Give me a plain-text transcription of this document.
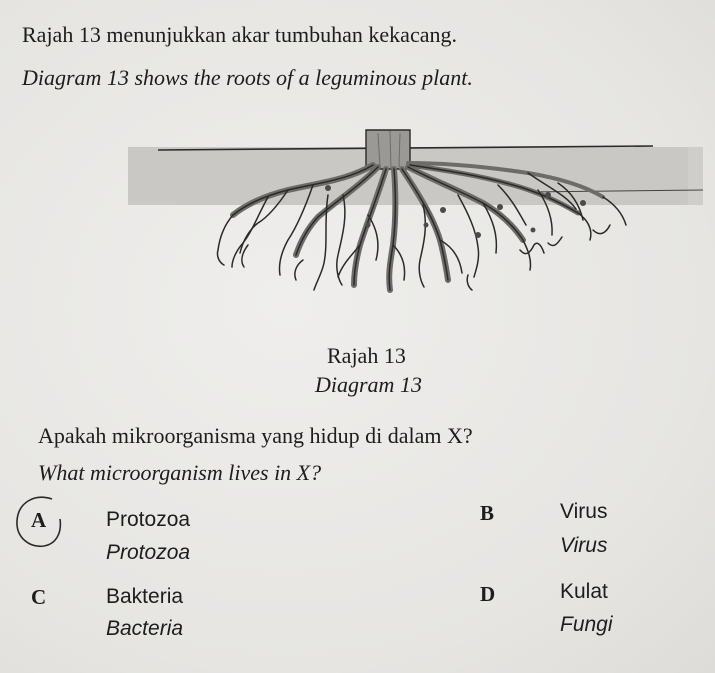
Rajah 13 menunjukkan akar tumbuhan kekacang.
Diagram 13 shows the roots of a leguminous plant.
Rajah 13
Diagram 13
Apakah mikroorganisma yang hidup di dalam X?
What microorganism lives in X?
A	Protozoa
Protozoa
B	Virus
Virus
C	Bakteria
Bacteria
D	Kulat
Fungi
